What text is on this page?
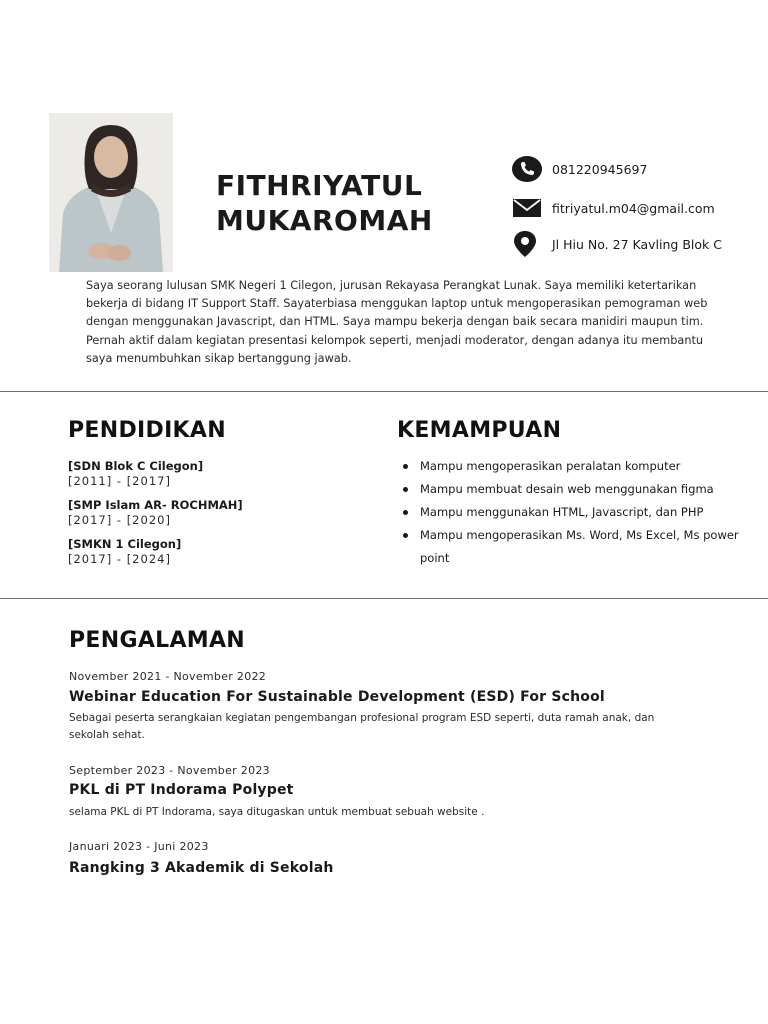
FITHRIYATUL
MUKAROMAH
081220945697
fitriyatul.m04@gmail.com
Jl Hiu No. 27 Kavling Blok C
Saya seorang lulusan SMK Negeri 1 Cilegon, jurusan Rekayasa Perangkat Lunak. Saya memiliki ketertarikan bekerja di bidang IT Support Staff. Sayaterbiasa menggukan laptop untuk mengoperasikan pemograman web dengan menggunakan Javascript, dan HTML. Saya mampu bekerja dengan baik secara manidiri maupun tim. Pernah aktif dalam kegiatan presentasi kelompok seperti, menjadi moderator, dengan adanya itu membantu saya menumbuhkan sikap bertanggung jawab.
PENDIDIKAN
[SDN Blok C Cilegon]
[2011] - [2017]
[SMP Islam AR- ROCHMAH]
[2017] - [2020]
[SMKN 1 Cilegon]
[2017] - [2024]
KEMAMPUAN
Mampu mengoperasikan peralatan komputer
Mampu membuat desain web menggunakan figma
Mampu menggunakan HTML, Javascript, dan PHP
Mampu mengoperasikan Ms. Word, Ms Excel, Ms power point
PENGALAMAN
November 2021 - November 2022
Webinar Education For Sustainable Development (ESD) For School
Sebagai peserta serangkaian kegiatan pengembangan profesional program ESD seperti, duta ramah anak, dan sekolah sehat.
September 2023 - November 2023
PKL di PT Indorama Polypet
selama PKL di PT Indorama, saya ditugaskan untuk membuat sebuah website .
Januari 2023 - Juni 2023
Rangking 3 Akademik di Sekolah
